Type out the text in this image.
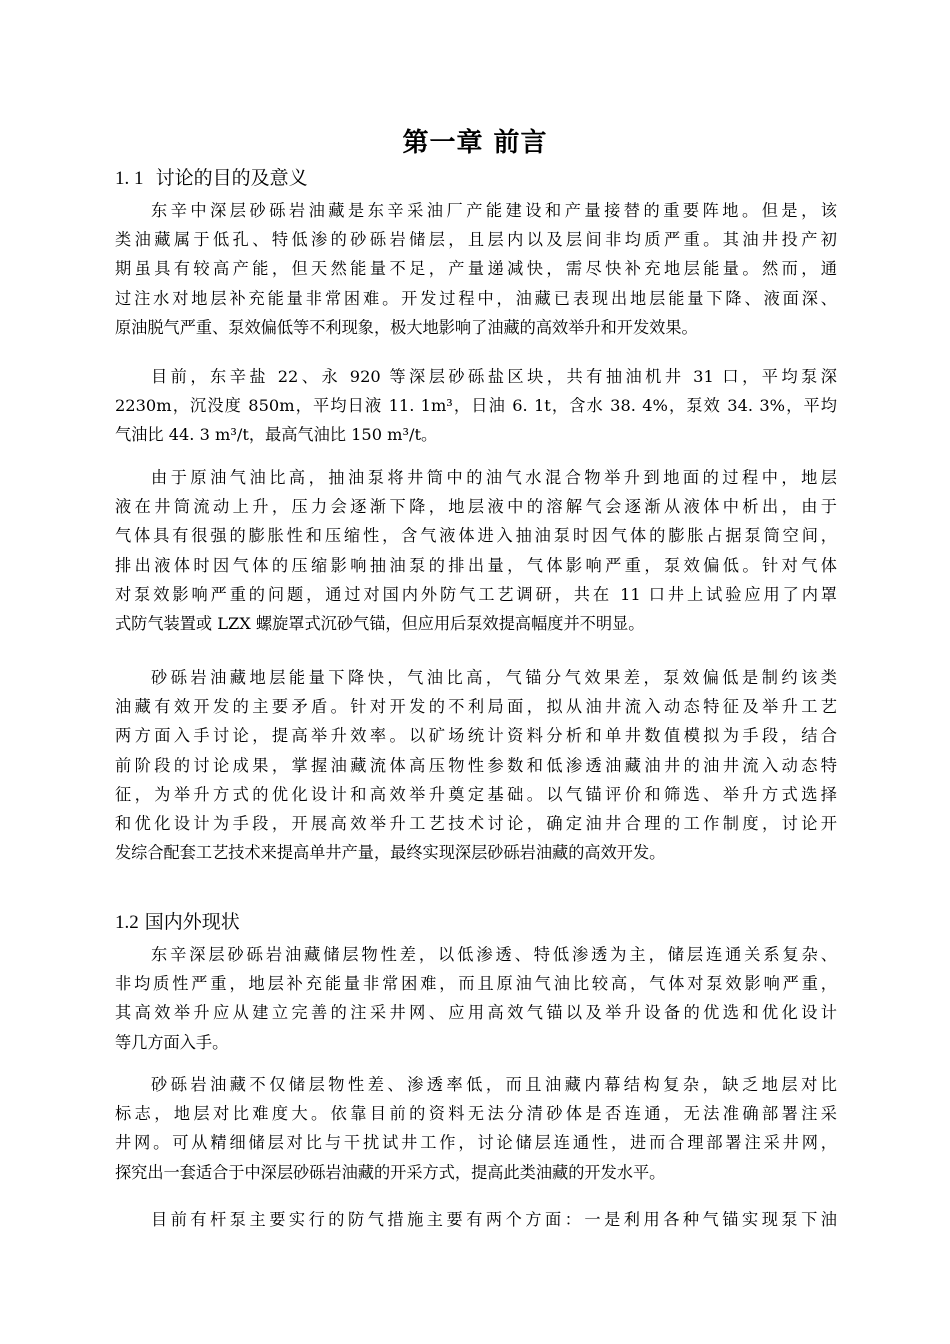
第一章 前言
1. 1 讨论的目的及意义
东辛中深层砂砾岩油藏是东辛采油厂产能建设和产量接替的重要阵地。但是，该
类油藏属于低孔、特低渗的砂砾岩储层，且层内以及层间非均质严重。其油井投产初
期虽具有较高产能，但天然能量不足，产量递减快，需尽快补充地层能量。然而，通
过注水对地层补充能量非常困难。开发过程中，油藏已表现出地层能量下降、液面深、
原油脱气严重、泵效偏低等不利现象，极大地影响了油藏的高效举升和开发效果。
目前，东辛盐 22、永 920 等深层砂砾盐区块，共有抽油机井 31 口，平均泵深
2230m，沉没度 850m，平均日液 11. 1m³，日油 6. 1t，含水 38. 4%，泵效 34. 3%，平均
气油比 44. 3 m³/t，最高气油比 150 m³/t。
由于原油气油比高，抽油泵将井筒中的油气水混合物举升到地面的过程中，地层
液在井筒流动上升，压力会逐渐下降，地层液中的溶解气会逐渐从液体中析出，由于
气体具有很强的膨胀性和压缩性，含气液体进入抽油泵时因气体的膨胀占据泵筒空间，
排出液体时因气体的压缩影响抽油泵的排出量，气体影响严重，泵效偏低。针对气体
对泵效影响严重的问题，通过对国内外防气工艺调研，共在 11 口井上试验应用了内罩
式防气装置或 LZX 螺旋罩式沉砂气锚，但应用后泵效提高幅度并不明显。
砂砾岩油藏地层能量下降快，气油比高，气锚分气效果差，泵效偏低是制约该类
油藏有效开发的主要矛盾。针对开发的不利局面，拟从油井流入动态特征及举升工艺
两方面入手讨论，提高举升效率。以矿场统计资料分析和单井数值模拟为手段，结合
前阶段的讨论成果，掌握油藏流体高压物性参数和低渗透油藏油井的油井流入动态特
征，为举升方式的优化设计和高效举升奠定基础。以气锚评价和筛选、举升方式选择
和优化设计为手段，开展高效举升工艺技术讨论，确定油井合理的工作制度，讨论开
发综合配套工艺技术来提高单井产量，最终实现深层砂砾岩油藏的高效开发。
1.2 国内外现状
东辛深层砂砾岩油藏储层物性差，以低渗透、特低渗透为主，储层连通关系复杂、
非均质性严重，地层补充能量非常困难，而且原油气油比较高，气体对泵效影响严重，
其高效举升应从建立完善的注采井网、应用高效气锚以及举升设备的优选和优化设计
等几方面入手。
砂砾岩油藏不仅储层物性差、渗透率低，而且油藏内幕结构复杂，缺乏地层对比
标志，地层对比难度大。依靠目前的资料无法分清砂体是否连通，无法准确部署注采
井网。可从精细储层对比与干扰试井工作，讨论储层连通性，进而合理部署注采井网，
探究出一套适合于中深层砂砾岩油藏的开采方式，提高此类油藏的开发水平。
目前有杆泵主要实行的防气措施主要有两个方面：一是利用各种气锚实现泵下油
